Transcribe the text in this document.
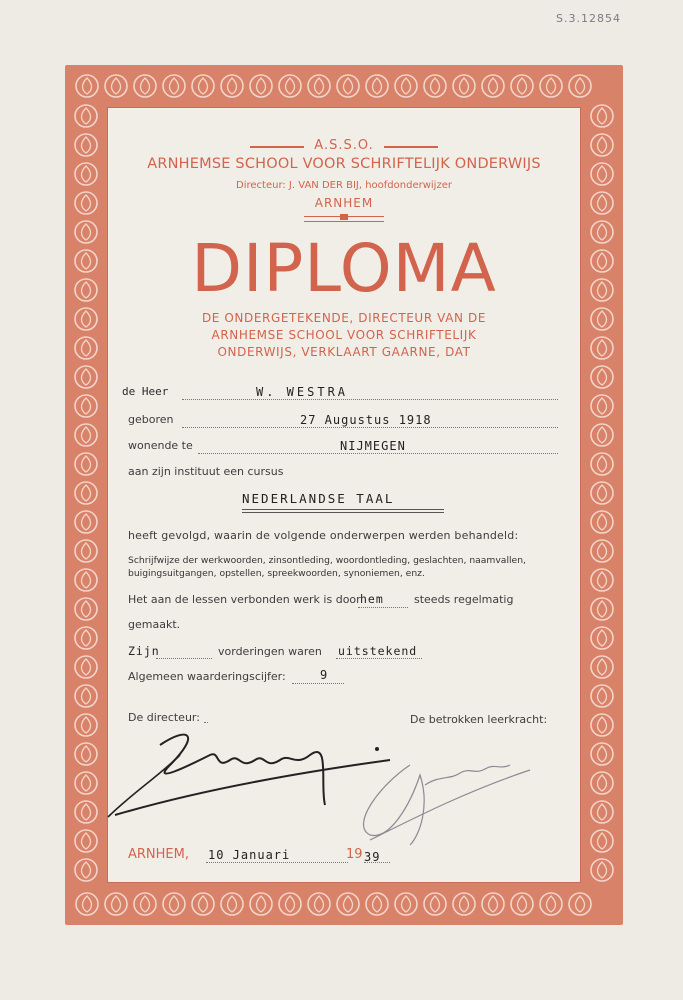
S.3.12854
A.S.S.O.
ARNHEMSE SCHOOL VOOR SCHRIFTELIJK ONDERWIJS
Directeur: J. VAN DER BIJ, hoofdonderwijzer
ARNHEM
DIPLOMA
DE ONDERGETEKENDE, DIRECTEUR VAN DE
ARNHEMSE SCHOOL VOOR SCHRIFTELIJK
ONDERWIJS, VERKLAART GAARNE, DAT
de Heer	W. WESTRA
geboren	27 Augustus 1918
wonende te	NIJMEGEN
aan zijn instituut een cursus
NEDERLANDSE TAAL
heeft gevolgd, waarin de volgende onderwerpen werden behandeld:
Schrijfwijze der werkwoorden, zinsontleding, woordontleding, geslachten, naamvallen,
buigingsuitgangen, opstellen, spreekwoorden, synoniemen, enz.
Het aan de lessen verbonden werk is door hem	steeds regelmatig
gemaakt.
Zijn	vorderingen waren uitstekend
Algemeen waarderingscijfer:	9
De directeur:	De betrokken leerkracht:
ARNHEM, 10 Januari	19 39
